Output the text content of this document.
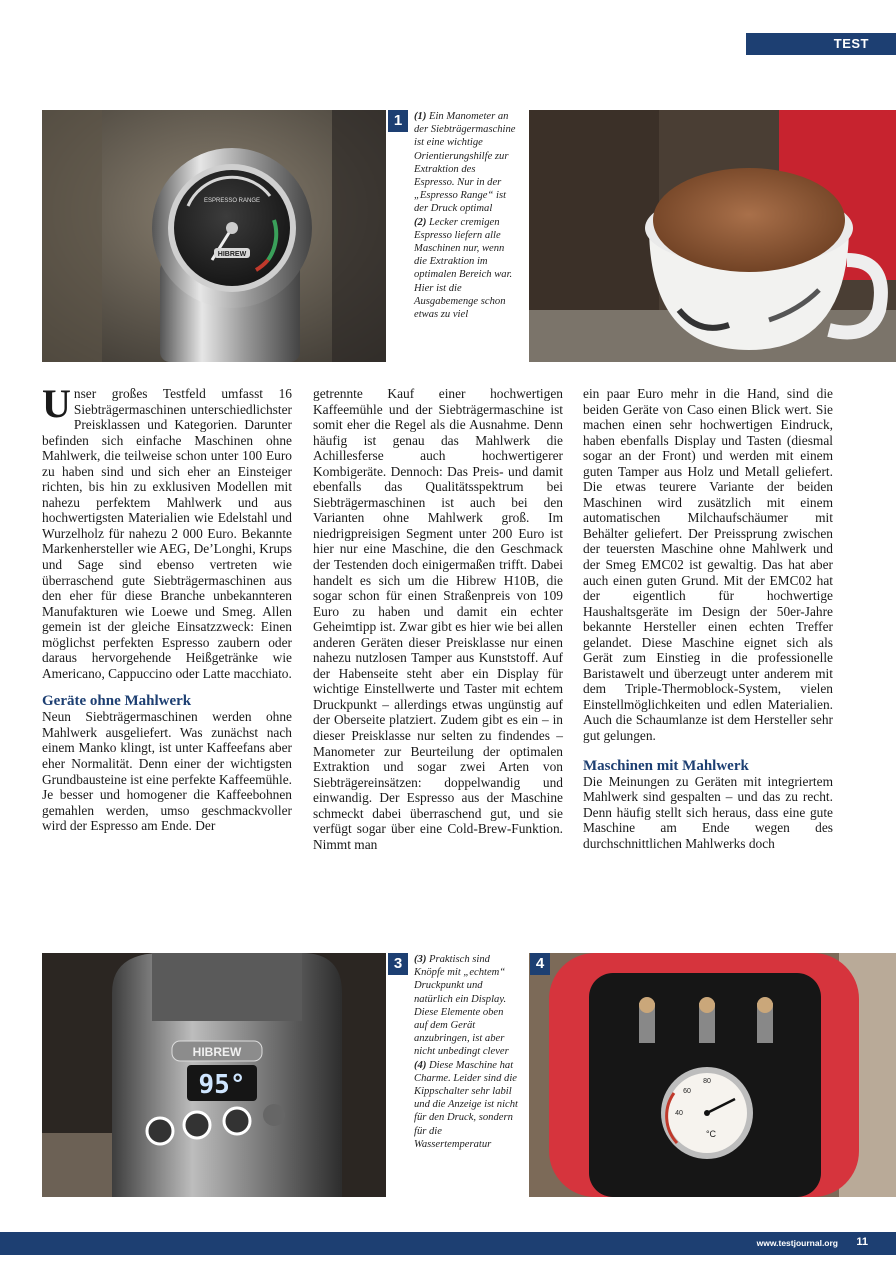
TEST
ESPRESSO RANGE
HIBREW
1	(1) Ein Manometer an der Siebträgermaschine ist eine wichtige Orientierungshilfe zur Extraktion des Espresso. Nur in der „Espresso Range“ ist der Druck optimal

(2) Lecker cremigen Espresso liefern alle Maschinen nur, wenn die Extraktion im optimalen Bereich war. Hier ist die Ausgabemenge schon etwas zu viel

Unser großes Testfeld umfasst 16 Siebträgermaschinen unterschiedlichster Preisklassen und Kategorien. Darunter befinden sich einfache Maschinen ohne Mahlwerk, die teilweise schon unter 100 Euro zu haben sind und sich eher an Einsteiger richten, bis hin zu exklusiven Modellen mit nahezu perfektem Mahlwerk und aus hochwertigsten Materialien wie Edelstahl und Wurzelholz für nahezu 2 000 Euro. Bekannte Markenhersteller wie AEG, De’Longhi, Krups und Sage sind ebenso vertreten wie überraschend gute Siebträgermaschinen aus den eher für diese Branche unbekannteren Manufakturen wie Loewe und Smeg. Allen gemein ist der gleiche Einsatzzweck: Einen möglichst perfekten Espresso zaubern oder daraus hervorgehende Heißgetränke wie Americano, Cappuccino oder Latte macchiato.

Geräte ohne Mahlwerk

Neun Siebträgermaschinen werden ohne Mahlwerk ausgeliefert. Was zunächst nach einem Manko klingt, ist unter Kaffeefans aber eher Normalität. Denn einer der wichtigsten Grundbausteine ist eine perfekte Kaffeemühle. Je besser und homogener die Kaffeebohnen gemahlen werden, umso geschmackvoller wird der Espresso am Ende. Der

getrennte Kauf einer hochwertigen Kaffeemühle und der Siebträgermaschine ist somit eher die Regel als die Ausnahme. Denn häufig ist genau das Mahlwerk die Achillesferse auch hochwertigerer Kombigeräte. Dennoch: Das Preis- und damit ebenfalls das Qualitätsspektrum bei Siebträgermaschinen ist auch bei den Varianten ohne Mahlwerk groß. Im niedrigpreisigen Segment unter 200 Euro ist hier nur eine Maschine, die den Geschmack der Testenden doch einigermaßen trifft. Dabei handelt es sich um die Hibrew H10B, die sogar schon für einen Straßenpreis von 109 Euro zu haben und damit ein echter Geheimtipp ist. Zwar gibt es hier wie bei allen anderen Geräten dieser Preisklasse nur einen nahezu nutzlosen Tamper aus Kunststoff. Auf der Habenseite steht aber ein Display für wichtige Einstellwerte und Taster mit echtem Druckpunkt – allerdings etwas ungünstig auf der Oberseite platziert. Zudem gibt es ein – in dieser Preisklasse nur selten zu findendes – Manometer zur Beurteilung der optimalen Extraktion und sogar zwei Arten von Siebträgereinsätzen: doppelwandig und einwandig. Der Espresso aus der Maschine schmeckt dabei überraschend gut, und sie verfügt sogar über eine Cold-Brew-Funktion. Nimmt man

ein paar Euro mehr in die Hand, sind die beiden Geräte von Caso einen Blick wert. Sie machen einen sehr hochwertigen Eindruck, haben ebenfalls Display und Tasten (diesmal sogar an der Front) und werden mit einem guten Tamper aus Holz und Metall geliefert. Die etwas teurere Variante der beiden Maschinen wird zusätzlich mit einem automatischen Milchaufschäumer mit Behälter geliefert. Der Preissprung zwischen der teuersten Maschine ohne Mahlwerk und der Smeg EMC02 ist gewaltig. Das hat aber auch einen guten Grund. Mit der EMC02 hat der eigentlich für hochwertige Haushaltsgeräte im Design der 50er-Jahre bekannte Hersteller einen echten Treffer gelandet. Diese Maschine eignet sich als Gerät zum Einstieg in die professionelle Baristawelt und überzeugt unter anderem mit dem Triple-Thermoblock-System, vielen Einstellmöglichkeiten und edlen Materialien. Auch die Schaumlanze ist dem Hersteller sehr gut gelungen.

Maschinen mit Mahlwerk

Die Meinungen zu Geräten mit integriertem Mahlwerk sind gespalten – und das zu recht. Denn häufig stellt sich heraus, dass eine gute Maschine am Ende wegen des durchschnittlichen Mahlwerks doch

HIBREW
95°
3	(3) Praktisch sind Knöpfe mit „echtem“ Druckpunkt und natürlich ein Display. Diese Elemente oben auf dem Gerät anzubringen, ist aber nicht unbedingt clever

(4) Diese Maschine hat Charme. Leider sind die Kippschalter sehr labil und die Anzeige ist nicht für den Druck, sondern für die Wassertemperatur

80
60
40
°C
4
www.testjournal.org 11
